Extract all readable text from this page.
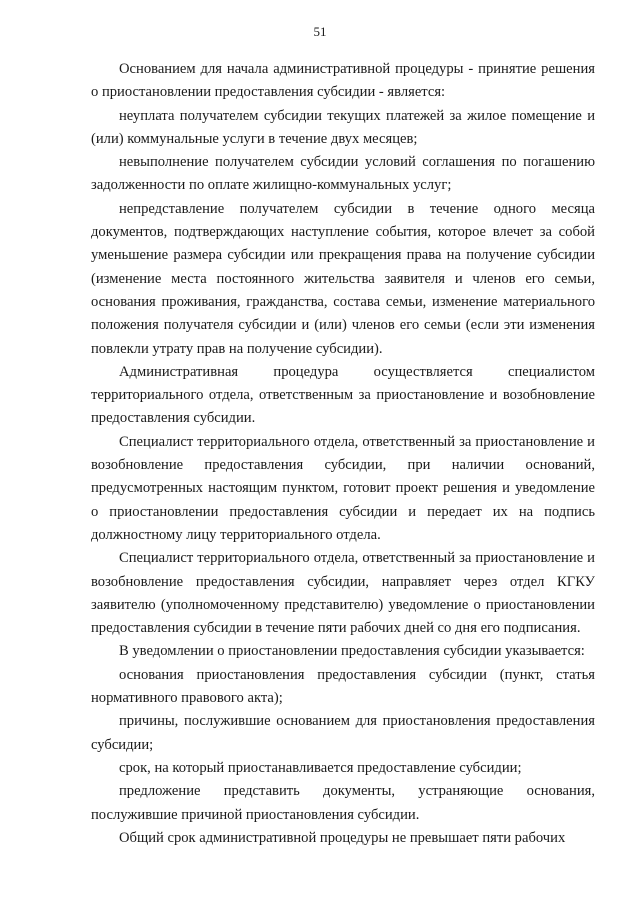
51

Основанием для начала административной процедуры - принятие решения о приостановлении предоставления субсидии - является:

неуплата получателем субсидии текущих платежей за жилое помещение и (или) коммунальные услуги в течение двух месяцев;

невыполнение получателем субсидии условий соглашения по погашению задолженности по оплате жилищно-коммунальных услуг;

непредставление получателем субсидии в течение одного месяца документов, подтверждающих наступление события, которое влечет за собой уменьшение размера субсидии или прекращения права на получение субсидии (изменение места постоянного жительства заявителя и членов его семьи, основания проживания, гражданства, состава семьи, изменение материального положения получателя субсидии и (или) членов его семьи (если эти изменения повлекли утрату прав на получение субсидии).

Административная процедура осуществляется специалистом территориального отдела, ответственным за приостановление и возобновление предоставления субсидии.

Специалист территориального отдела, ответственный за приостановление и возобновление предоставления субсидии, при наличии оснований, предусмотренных настоящим пунктом, готовит проект решения и уведомление о приостановлении предоставления субсидии и передает их на подпись должностному лицу территориального отдела.

Специалист территориального отдела, ответственный за приостановление и возобновление предоставления субсидии, направляет через отдел КГКУ заявителю (уполномоченному представителю) уведомление о приостановлении предоставления субсидии в течение пяти рабочих дней со дня его подписания.

В уведомлении о приостановлении предоставления субсидии указывается:

основания приостановления предоставления субсидии (пункт, статья нормативного правового акта);

причины, послужившие основанием для приостановления предоставления субсидии;

срок, на который приостанавливается предоставление субсидии;

предложение представить документы, устраняющие основания, послужившие причиной приостановления субсидии.

Общий срок административной процедуры не превышает пяти рабочих
